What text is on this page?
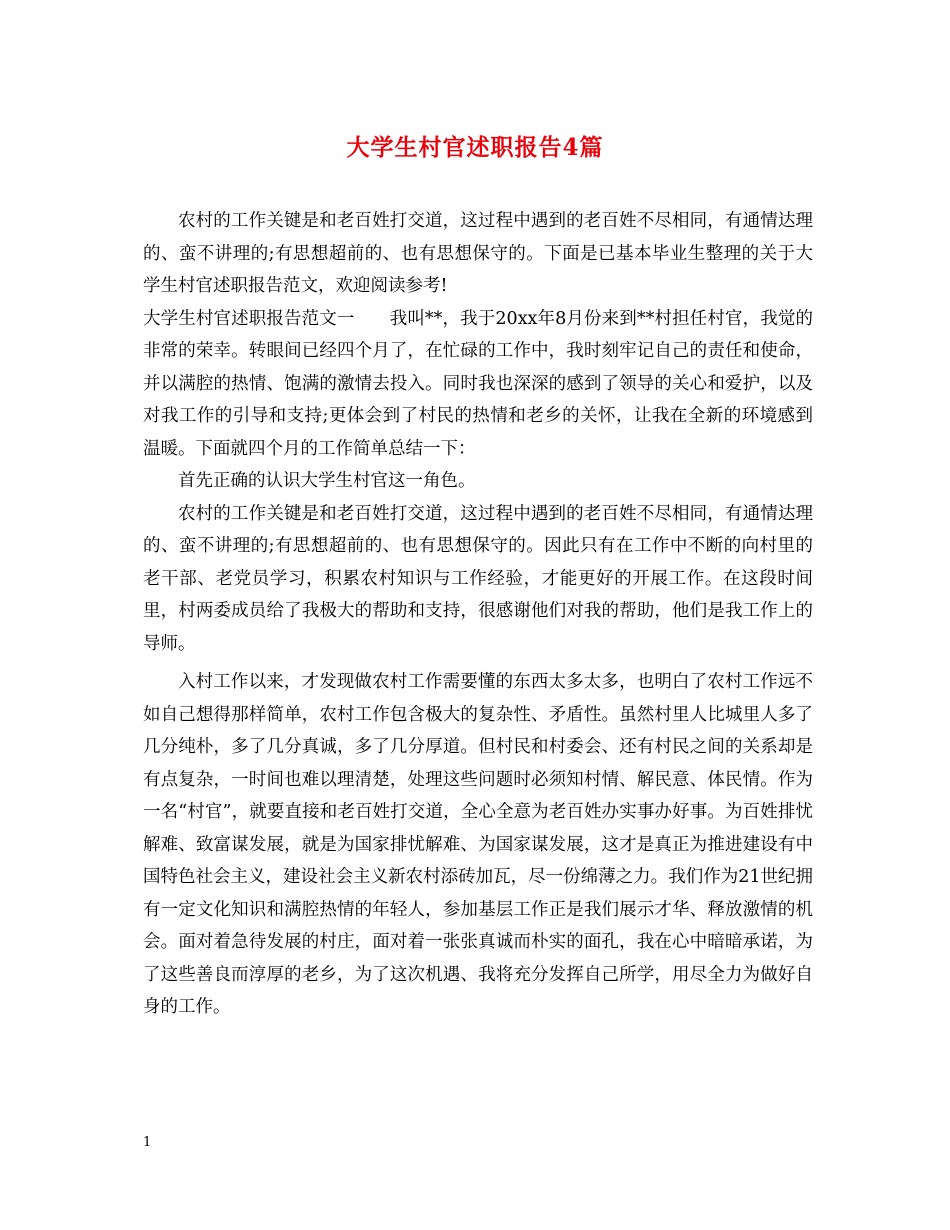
大学生村官述职报告4篇

农村的工作关键是和老百姓打交道，这过程中遇到的老百姓不尽相同，有通情达理的、蛮不讲理的;有思想超前的、也有思想保守的。下面是已基本毕业生整理的关于大学生村官述职报告范文，欢迎阅读参考!

大学生村官述职报告范文一　　我叫**，我于20xx年8月份来到**村担任村官，我觉的非常的荣幸。转眼间已经四个月了，在忙碌的工作中，我时刻牢记自己的责任和使命，并以满腔的热情、饱满的激情去投入。同时我也深深的感到了领导的关心和爱护，以及对我工作的引导和支持;更体会到了村民的热情和老乡的关怀，让我在全新的环境感到温暖。下面就四个月的工作简单总结一下：

首先正确的认识大学生村官这一角色。

农村的工作关键是和老百姓打交道，这过程中遇到的老百姓不尽相同，有通情达理的、蛮不讲理的;有思想超前的、也有思想保守的。因此只有在工作中不断的向村里的老干部、老党员学习，积累农村知识与工作经验，才能更好的开展工作。在这段时间里，村两委成员给了我极大的帮助和支持，很感谢他们对我的帮助，他们是我工作上的导师。

入村工作以来，才发现做农村工作需要懂的东西太多太多，也明白了农村工作远不如自己想得那样简单，农村工作包含极大的复杂性、矛盾性。虽然村里人比城里人多了几分纯朴，多了几分真诚，多了几分厚道。但村民和村委会、还有村民之间的关系却是有点复杂，一时间也难以理清楚，处理这些问题时必须知村情、解民意、体民情。作为一名“村官”，就要直接和老百姓打交道，全心全意为老百姓办实事办好事。为百姓排忧解难、致富谋发展，就是为国家排忧解难、为国家谋发展，这才是真正为推进建设有中国特色社会主义，建设社会主义新农村添砖加瓦，尽一份绵薄之力。我们作为21世纪拥有一定文化知识和满腔热情的年轻人，参加基层工作正是我们展示才华、释放激情的机会。面对着急待发展的村庄，面对着一张张真诚而朴实的面孔，我在心中暗暗承诺，为了这些善良而淳厚的老乡，为了这次机遇、我将充分发挥自己所学，用尽全力为做好自身的工作。

1
